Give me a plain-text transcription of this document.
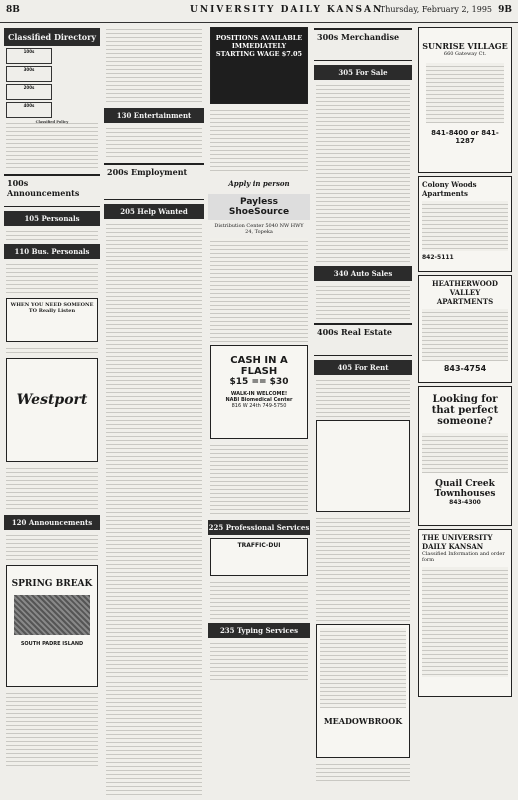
8B	UNIVERSITY DAILY KANSAN
Thursday, February 2, 1995 9B
Classified Directory
100s
300s
200s
400s
Classified Policy
100s Announcements
105 Personals
110 Bus. Personals
WHEN YOU NEED SOMEONE TO Really Listen
Westport
120 Announcements
SPRING BREAK
SOUTH PADRE ISLAND
130 Entertainment
200s Employment
205 Help Wanted
POSITIONS AVAILABLE IMMEDIATELY STARTING WAGE $7.05
Apply in person
Payless ShoeSource
Distribution Center 5040 NW HWY 24, Topeka
CASH IN A FLASH
$15 == $30
WALK-IN WELCOME!
NABI Biomedical Center
816 W 24th 749-5750
225 Professional Services
TRAFFIC-DUI
235 Typing Services
300s Merchandise
305 For Sale
340 Auto Sales
400s Real Estate
405 For Rent
MEADOWBROOK
SUNRISE VILLAGE
660 Gateway Ct.
841-8400 or 841-1287
Colony Woods Apartments
842-5111
HEATHERWOOD VALLEY APARTMENTS
843-4754
Looking for that perfect someone?
Quail Creek Townhouses
843-4300
THE UNIVERSITY DAILY KANSAN
Classified Information and order form
